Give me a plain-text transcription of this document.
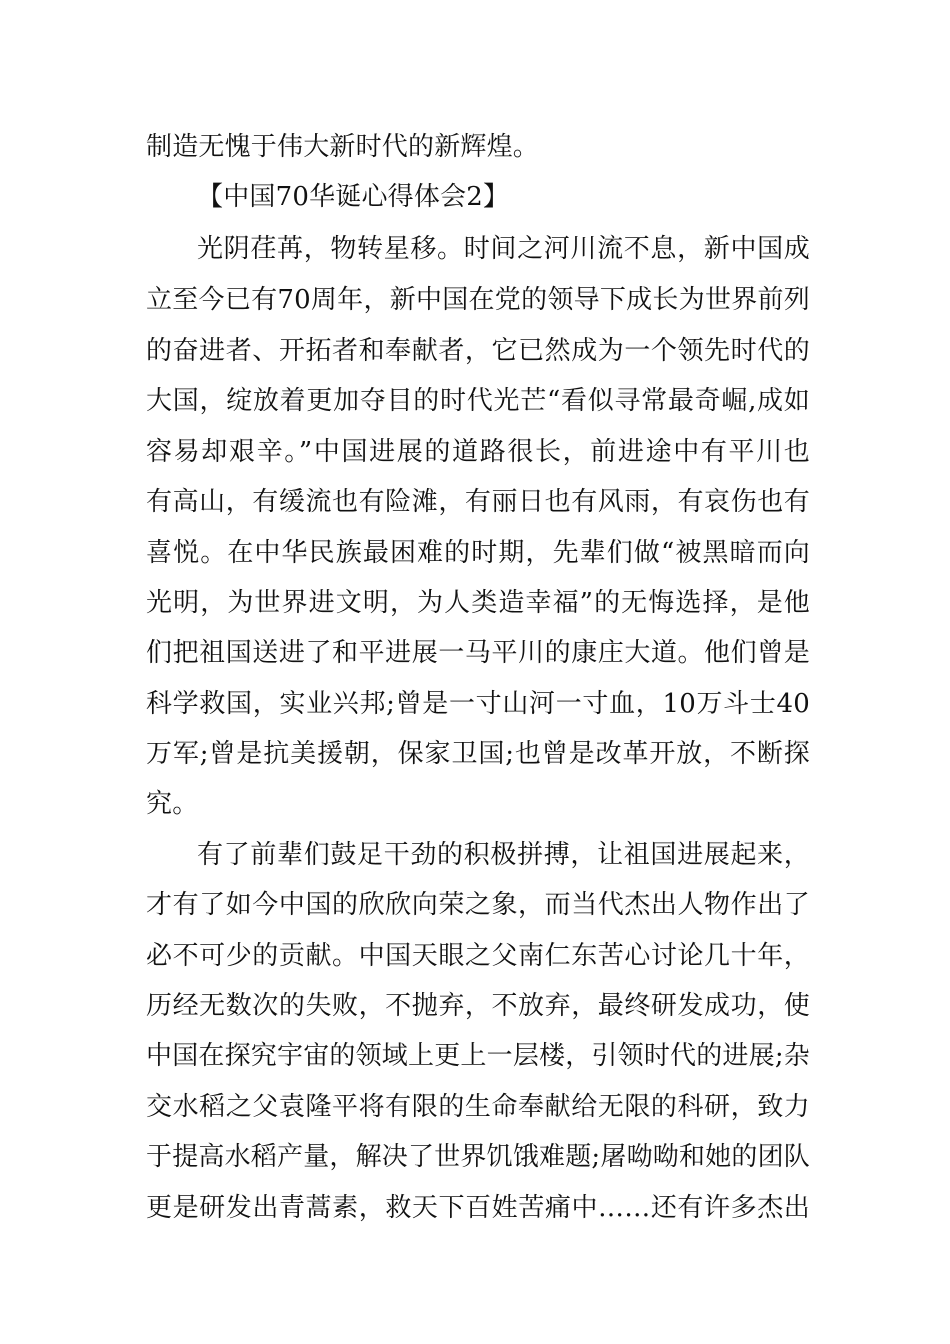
制造无愧于伟大新时代的新辉煌。
【中国70华诞心得体会2】
光阴荏苒，物转星移。时间之河川流不息，新中国成
立至今已有70周年，新中国在党的领导下成长为世界前列
的奋进者、开拓者和奉献者，它已然成为一个领先时代的
大国，绽放着更加夺目的时代光芒“看似寻常最奇崛,成如
容易却艰辛。”中国进展的道路很长，前进途中有平川也
有高山，有缓流也有险滩，有丽日也有风雨，有哀伤也有
喜悦。在中华民族最困难的时期，先辈们做“被黑暗而向
光明，为世界进文明，为人类造幸福”的无悔选择，是他
们把祖国送进了和平进展一马平川的康庄大道。他们曾是
科学救国，实业兴邦;曾是一寸山河一寸血，10万斗士40
万军;曾是抗美援朝，保家卫国;也曾是改革开放，不断探
究。
有了前辈们鼓足干劲的积极拼搏，让祖国进展起来，
才有了如今中国的欣欣向荣之象，而当代杰出人物作出了
必不可少的贡献。中国天眼之父南仁东苦心讨论几十年，
历经无数次的失败，不抛弃，不放弃，最终研发成功，使
中国在探究宇宙的领域上更上一层楼，引领时代的进展;杂
交水稻之父袁隆平将有限的生命奉献给无限的科研，致力
于提高水稻产量，解决了世界饥饿难题;屠呦呦和她的团队
更是研发出青蒿素，救天下百姓苦痛中……还有许多杰出
